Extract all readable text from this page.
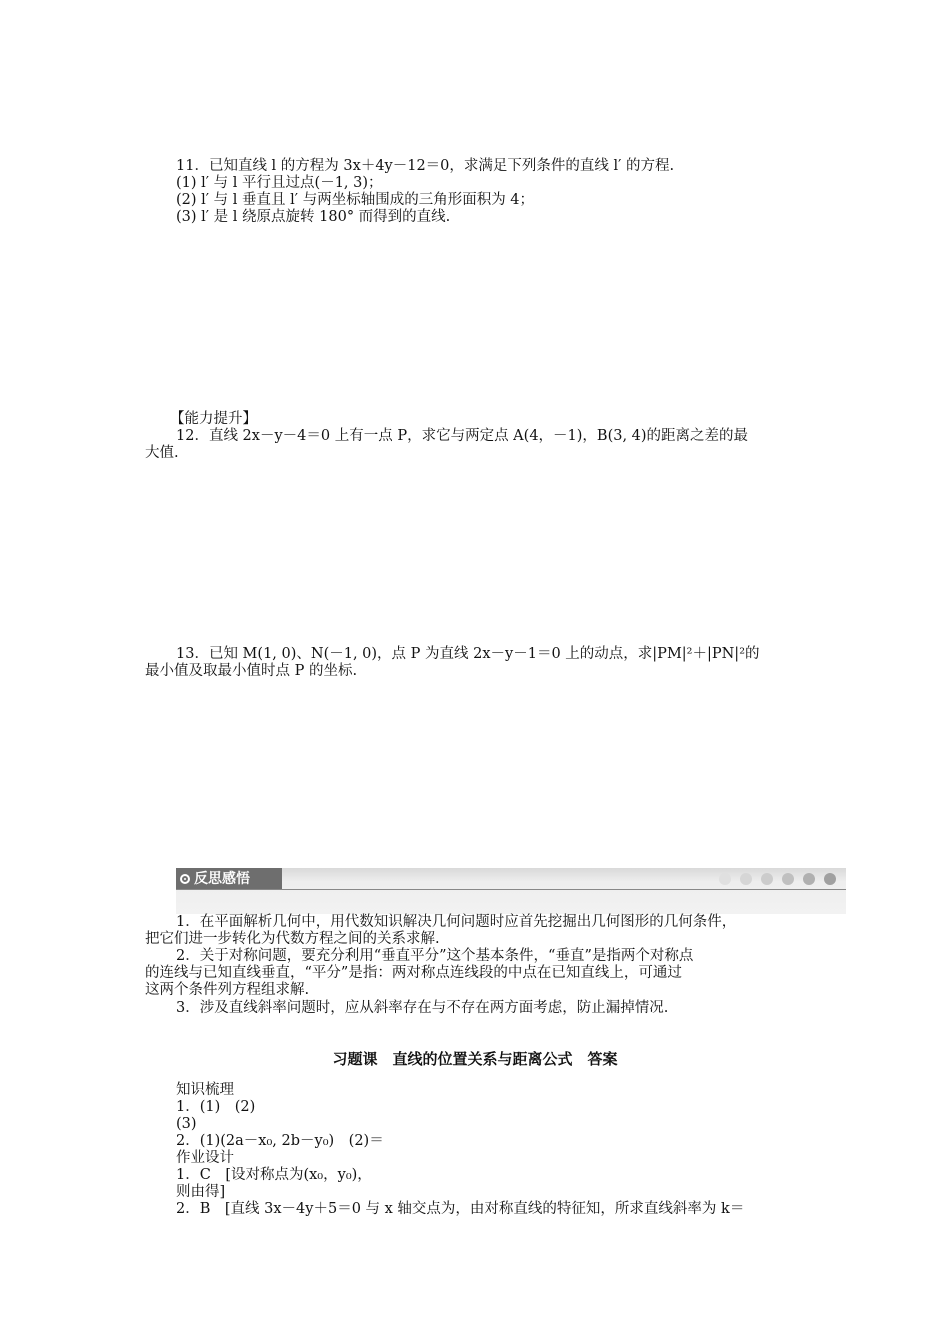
11．已知直线 l 的方程为 3x＋4y－12＝0，求满足下列条件的直线 l′ 的方程.
(1) l′ 与 l 平行且过点(－1, 3)；
(2) l′ 与 l 垂直且 l′ 与两坐标轴围成的三角形面积为 4；
(3) l′ 是 l 绕原点旋转 180° 而得到的直线.
【能力提升】
12．直线 2x－y－4＝0 上有一点 P，求它与两定点 A(4，－1)，B(3, 4)的距离之差的最
大值.
13．已知 M(1, 0)、N(－1, 0)，点 P 为直线 2x－y－1＝0 上的动点，求|PM|²＋|PN|²的
最小值及取最小值时点 P 的坐标.
反思感悟
1．在平面解析几何中，用代数知识解决几何问题时应首先挖掘出几何图形的几何条件，
把它们进一步转化为代数方程之间的关系求解.
2．关于对称问题，要充分利用“垂直平分”这个基本条件，“垂直”是指两个对称点
的连线与已知直线垂直，“平分”是指：两对称点连线段的中点在已知直线上，可通过
这两个条件列方程组求解.
3．涉及直线斜率问题时，应从斜率存在与不存在两方面考虑，防止漏掉情况.
习题课　直线的位置关系与距离公式　答案
知识梳理
1．(1)　(2)
(3)
2．(1)(2a－x₀, 2b－y₀)　(2)＝
作业设计
1．C　[设对称点为(x₀，y₀)，
则由得]
2．B　[直线 3x－4y＋5＝0 与 x 轴交点为，由对称直线的特征知，所求直线斜率为 k＝
